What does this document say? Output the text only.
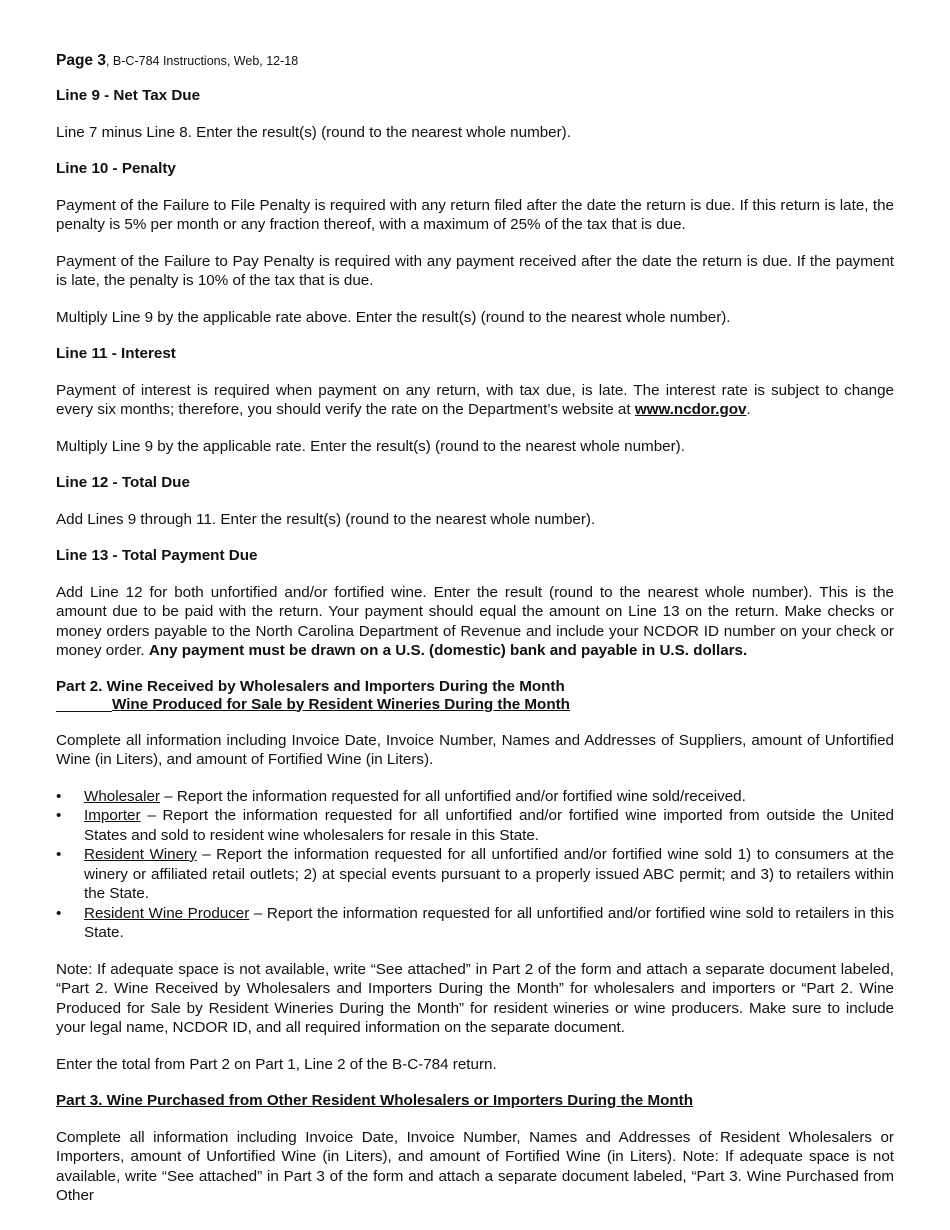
Page 3, B-C-784 Instructions, Web, 12-18
Line 9 - Net Tax Due

Line 7 minus Line 8. Enter the result(s) (round to the nearest whole number).

Line 10 - Penalty

Payment of the Failure to File Penalty is required with any return filed after the date the return is due. If this return is late, the penalty is 5% per month or any fraction thereof, with a maximum of 25% of the tax that is due.

Payment of the Failure to Pay Penalty is required with any payment received after the date the return is due. If the payment is late, the penalty is 10% of the tax that is due.

Multiply Line 9 by the applicable rate above. Enter the result(s) (round to the nearest whole number).

Line 11 - Interest

Payment of interest is required when payment on any return, with tax due, is late. The interest rate is subject to change every six months; therefore, you should verify the rate on the Department’s website at www.ncdor.gov.

Multiply Line 9 by the applicable rate. Enter the result(s) (round to the nearest whole number).

Line 12 - Total Due

Add Lines 9 through 11. Enter the result(s) (round to the nearest whole number).

Line 13 - Total Payment Due

Add Line 12 for both unfortified and/or fortified wine. Enter the result (round to the nearest whole number). This is the amount due to be paid with the return. Your payment should equal the amount on Line 13 on the return. Make checks or money orders payable to the North Carolina Department of Revenue and include your NCDOR ID number on your check or money order. Any payment must be drawn on a U.S. (domestic) bank and payable in U.S. dollars.

Part 2. Wine Received by Wholesalers and Importers During the Month
Wine Produced for Sale by Resident Wineries During the Month

Complete all information including Invoice Date, Invoice Number, Names and Addresses of Suppliers, amount of Unfortified Wine (in Liters), and amount of Fortified Wine (in Liters).

• Wholesaler – Report the information requested for all unfortified and/or fortified wine sold/received.
• Importer – Report the information requested for all unfortified and/or fortified wine imported from outside the United States and sold to resident wine wholesalers for resale in this State.
• Resident Winery – Report the information requested for all unfortified and/or fortified wine sold 1) to consumers at the winery or affiliated retail outlets; 2) at special events pursuant to a properly issued ABC permit; and 3) to retailers within the State.
• Resident Wine Producer – Report the information requested for all unfortified and/or fortified wine sold to retailers in this State.

Note: If adequate space is not available, write “See attached” in Part 2 of the form and attach a separate document labeled, “Part 2. Wine Received by Wholesalers and Importers During the Month” for wholesalers and importers or “Part 2. Wine Produced for Sale by Resident Wineries During the Month” for resident wineries or wine producers. Make sure to include your legal name, NCDOR ID, and all required information on the separate document.

Enter the total from Part 2 on Part 1, Line 2 of the B-C-784 return.

Part 3. Wine Purchased from Other Resident Wholesalers or Importers During the Month

Complete all information including Invoice Date, Invoice Number, Names and Addresses of Resident Wholesalers or Importers, amount of Unfortified Wine (in Liters), and amount of Fortified Wine (in Liters). Note: If adequate space is not available, write “See attached” in Part 3 of the form and attach a separate document labeled, “Part 3. Wine Purchased from Other
